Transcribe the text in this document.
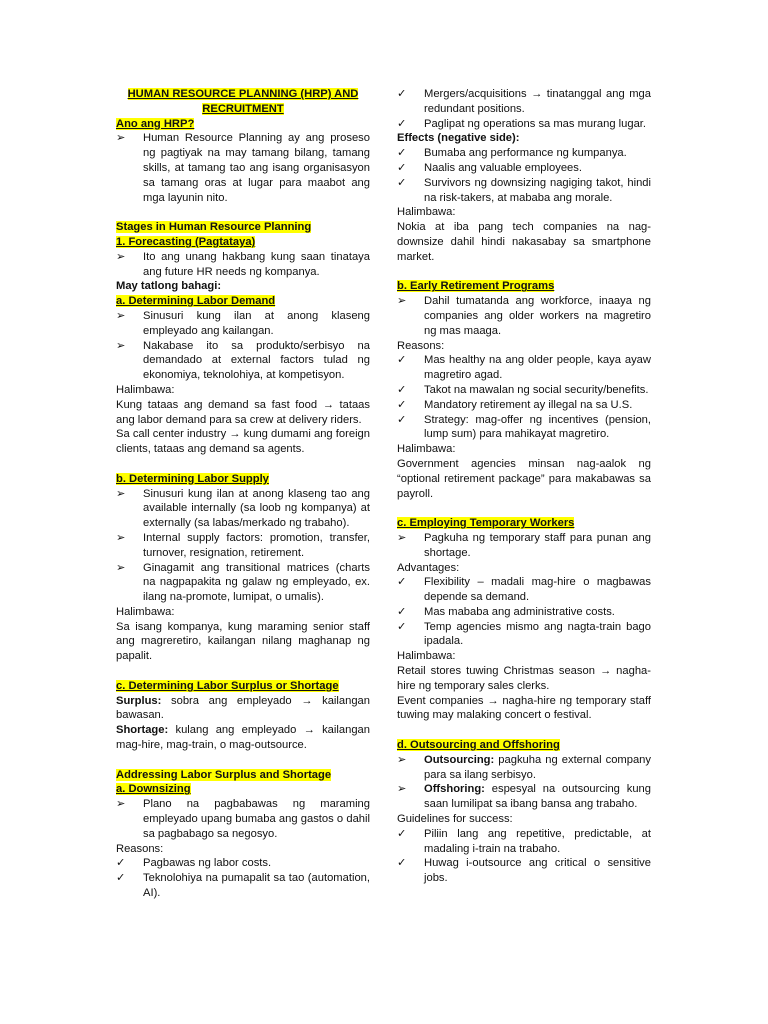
HUMAN RESOURCE PLANNING (HRP) AND RECRUITMENT
Ano ang HRP?

➢	Human Resource Planning ay ang proseso ng pagtiyak na may tamang bilang, tamang skills, at tamang tao ang isang organisasyon sa tamang oras at lugar para maabot ang mga layunin nito.

Stages in Human Resource Planning
1. Forecasting (Pagtataya)

➢	Ito ang unang hakbang kung saan tinataya ang future HR needs ng kompanya.

May tatlong bahagi:
a. Determining Labor Demand

➢	Sinusuri kung ilan at anong klaseng empleyado ang kailangan.

➢	Nakabase ito sa produkto/serbisyo na demandado at external factors tulad ng ekonomiya, teknolohiya, at kompetisyon.

Halimbawa:

Kung tataas ang demand sa fast food → tataas ang labor demand para sa crew at delivery riders.

Sa call center industry → kung dumami ang foreign clients, tataas ang demand sa agents.

b. Determining Labor Supply

➢	Sinusuri kung ilan at anong klaseng tao ang available internally (sa loob ng kompanya) at externally (sa labas/merkado ng trabaho).

➢	Internal supply factors: promotion, transfer, turnover, resignation, retirement.

➢	Ginagamit ang transitional matrices (charts na nagpapakita ng galaw ng empleyado, ex. ilang na-promote, lumipat, o umalis).

Halimbawa:

Sa isang kompanya, kung maraming senior staff ang magreretiro, kailangan nilang maghanap ng papalit.

c. Determining Labor Surplus or Shortage

Surplus: sobra ang empleyado → kailangan bawasan.

Shortage: kulang ang empleyado → kailangan mag-hire, mag-train, o mag-outsource.

Addressing Labor Surplus and Shortage
a. Downsizing

➢	Plano na pagbabawas ng maraming empleyado upang bumaba ang gastos o dahil sa pagbabago sa negosyo.

Reasons:

✓	Pagbawas ng labor costs.

✓	Teknolohiya na pumapalit sa tao (automation, AI).

✓	Mergers/acquisitions → tinatanggal ang mga redundant positions.

✓	Paglipat ng operations sa mas murang lugar.

Effects (negative side):

✓	Bumaba ang performance ng kumpanya.

✓	Naalis ang valuable employees.

✓	Survivors ng downsizing nagiging takot, hindi na risk-takers, at mababa ang morale.

Halimbawa:

Nokia at iba pang tech companies na nag-downsize dahil hindi nakasabay sa smartphone market.

b. Early Retirement Programs

➢	Dahil tumatanda ang workforce, inaaya ng companies ang older workers na magretiro ng mas maaga.

Reasons:

✓	Mas healthy na ang older people, kaya ayaw magretiro agad.

✓	Takot na mawalan ng social security/benefits.

✓	Mandatory retirement ay illegal na sa U.S.

✓	Strategy: mag-offer ng incentives (pension, lump sum) para mahikayat magretiro.

Halimbawa:

Government agencies minsan nag-aalok ng “optional retirement package” para makabawas sa payroll.

c. Employing Temporary Workers

➢	Pagkuha ng temporary staff para punan ang shortage.

Advantages:

✓	Flexibility – madali mag-hire o magbawas depende sa demand.

✓	Mas mababa ang administrative costs.

✓	Temp agencies mismo ang nagta-train bago ipadala.

Halimbawa:

Retail stores tuwing Christmas season → nagha-hire ng temporary sales clerks.

Event companies → nagha-hire ng temporary staff tuwing may malaking concert o festival.

d. Outsourcing and Offshoring

➢	Outsourcing: pagkuha ng external company para sa ilang serbisyo.

➢	Offshoring: espesyal na outsourcing kung saan lumilipat sa ibang bansa ang trabaho.

Guidelines for success:

✓	Piliin lang ang repetitive, predictable, at madaling i-train na trabaho.

✓	Huwag i-outsource ang critical o sensitive jobs.
